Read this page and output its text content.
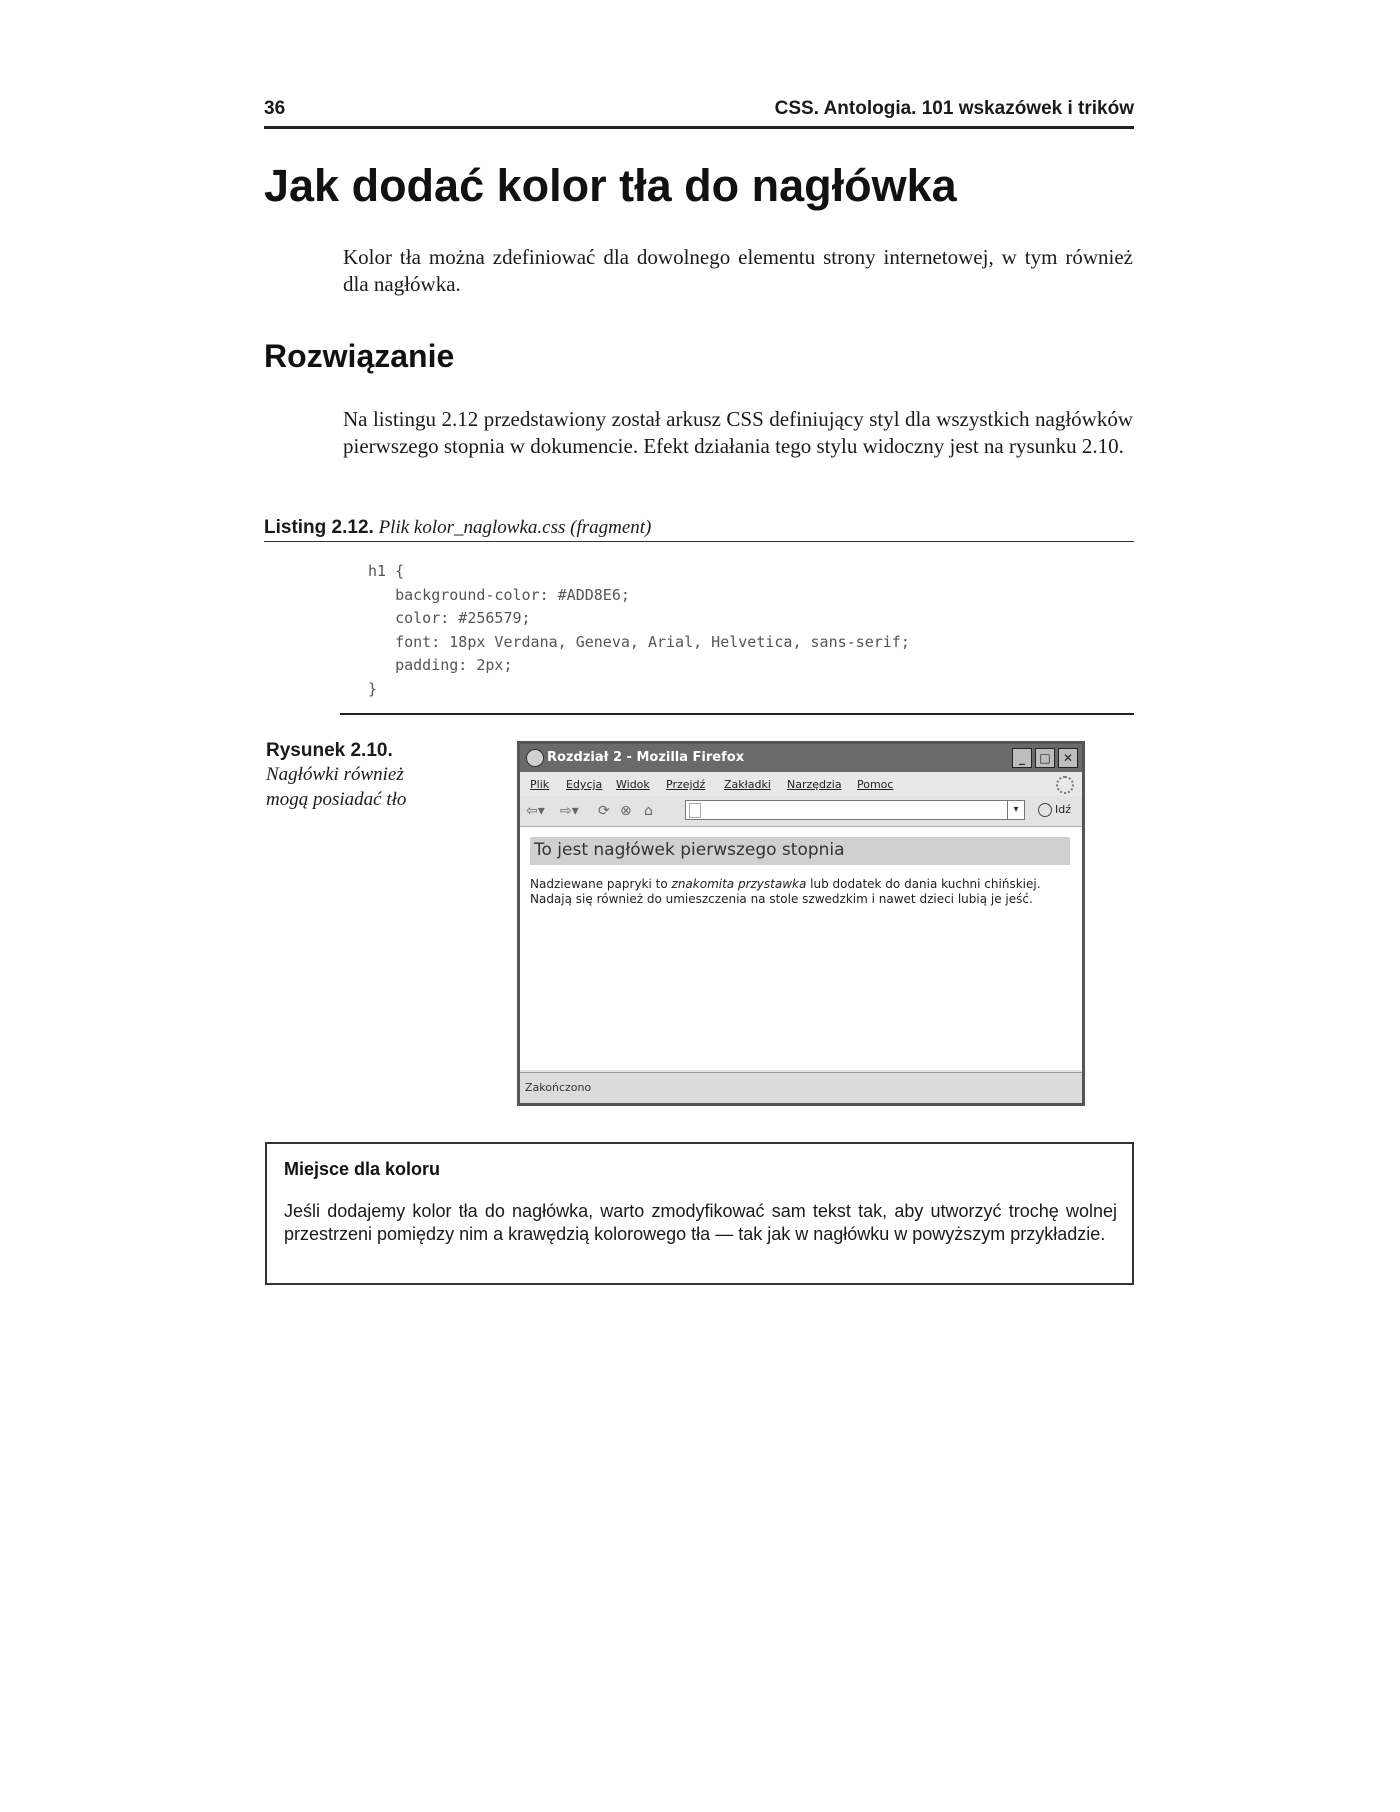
36	CSS. Antologia. 101 wskazówek i trików
Jak dodać kolor tła do nagłówka

Kolor tła można zdefiniować dla dowolnego elementu strony internetowej, w tym również dla nagłówka.

Rozwiązanie

Na listingu 2.12 przedstawiony został arkusz CSS definiujący styl dla wszystkich nagłówków pierwszego stopnia w dokumencie. Efekt działania tego stylu widoczny jest na rysunku 2.10.

Listing 2.12. Plik kolor_naglowka.css (fragment)
h1 {
background-color: #ADD8E6;
color: #256579;
font: 18px Verdana, Geneva, Arial, Helvetica, sans-serif;
padding: 2px;
}
Rysunek 2.10.
Nagłówki również mogą posiadać tło
Rozdział 2 - Mozilla Firefox	_	□	✕
Plik Edycja Widok Przejdź Zakładki Narzędzia Pomoc
⇦▾ ⇨▾ ⟳ ⊗ ⌂	▾	Idź
To jest nagłówek pierwszego stopnia

Nadziewane papryki to znakomita przystawka lub dodatek do dania kuchni chińskiej. Nadają się również do umieszczenia na stole szwedzkim i nawet dzieci lubią je jeść.

Zakończono
Miejsce dla koloru

Jeśli dodajemy kolor tła do nagłówka, warto zmodyfikować sam tekst tak, aby utworzyć trochę wolnej przestrzeni pomiędzy nim a krawędzią kolorowego tła — tak jak w nagłówku w powyższym przykładzie.
